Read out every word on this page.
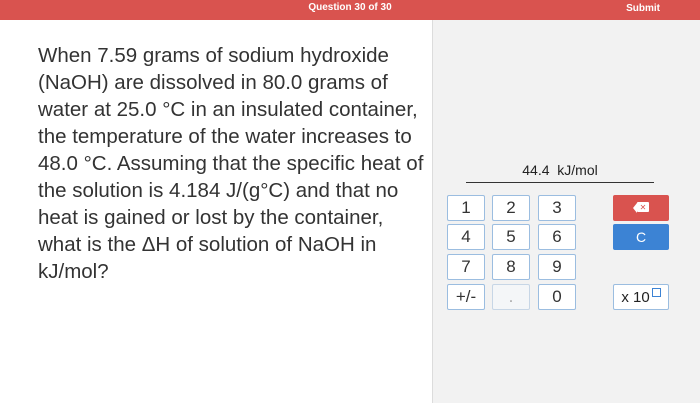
Question 30 of 30	Submit
When 7.59 grams of sodium hydroxide (NaOH) are dissolved in 80.0 grams of water at 25.0 °C in an insulated container, the temperature of the water increases to 48.0 °C. Assuming that the specific heat of the solution is 4.184 J/(g°C) and that no heat is gained or lost by the container, what is the ΔH of solution of NaOH in kJ/mol?
44.4 kJ/mol
1	2	3
4	5	6
7	8	9
+/-	.	0
✕
C
x 10
